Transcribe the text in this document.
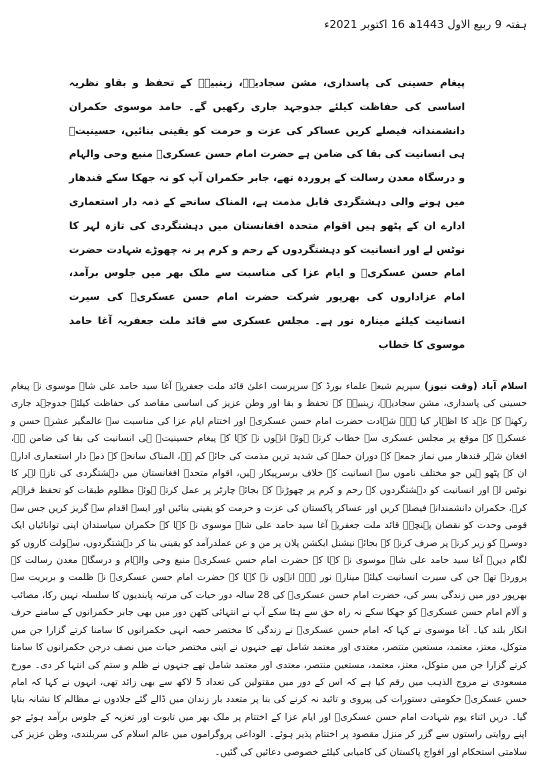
ہفتہ 9 ربیع الاول 1443ھ 16 اکتوبر 2021ء

پیغام حسینی کی پاسداری، مشن سجادیہؑ، زینبیہؑ کے تحفظ و بقاو نظریہ اساسی کی حفاظت کیلئے جدوجہد جاری رکھیں گے۔ حامد موسوی حکمران دانشمندانہ فیصلے کریں عساکر کی عزت و حرمت کو یقینی بنائیں، حسینیتؑ ہی انسانیت کی بقا کی ضامن ہے حضرت امام حسن عسکریؑ منبع وحی والہام و درسگاہ معدن رسالت کے پروردہ تھے، جابر حکمران آپ کو نہ جھکا سکے قندھار میں ہونے والی دہشتگردی قابل مذمت ہے، المناک سانحے کے ذمہ دار استعماری ادارے ان کے پٹھو ہیں اقوام متحدہ افغانستان میں دہشتگردی کی تازہ لہر کا نوٹس لے اور انسانیت کو دہشتگردوں کے رحم و کرم پر نہ چھوڑے شہادت حضرت امام حسن عسکریؑ و ایام عزا کی مناسبت سے ملک بھر میں جلوس برآمد، امام عزاداروں کی بھرپور شرکت حضرت امام حسن عسکریؑ کی سیرت انسانیت کیلئے مینارہ نور ہے۔ مجلس عسکری سے قائد ملت جعفریہ آغا حامد موسوی کا خطاب

اسلام آباد (وقت نیوز) سپریم شیعہ علماء بورڈ کے سرپرست اعلیٰ قائد ملت جعفریہ آغا سید حامد علی شاہ موسوی نے پیغام حسینی کی پاسداری، مشن سجادیہؑ، زینبیہؑ کے تحفظ و بقا اور وطن عزیز کی اساسی مقاصد کی حفاظت کیلئے جدوجہد جاری رکھنے کے عہد کا اظہار کیا ہے۔ شہادت حضرت امام حسن عسکریؑ اور اختتام ایام عزا کی مناسبت سے عالمگیر عشرہ حسن و عسکرؑ کے موقع پر مجلس عسکری سے خطاب کرتے ہوئے انہوں نے کہا کہ پیغام حسینیتؑ ہی انسانیت کی بقا کی ضامن ہے، افغان شہر قندھار میں نماز جمعہ کے دوران حملے کی شدید ترین مذمت کی جائے کم ہے، المناک سانحے کے ذمہ دار استعماری ادارے ان کے پٹھو ہیں جو مختلف ناموں سے انسانیت کے خلاف برسرپیکار ہیں، اقوام متحدہ افغانستان میں دہشتگردی کی تازہ لہر کا نوٹس لے اور انسانیت کو دہشتگردوں کے رحم و کرم پر چھوڑنے کے بجائے چارٹر پر عمل کرتے ہوئے مظلوم طبقات کو تحفظ فراہم کرے، حکمران دانشمندانہ فیصلے کریں اور عساکر پاکستان کی عزت و حرمت کو یقینی بنائیں اور ایسے اقدام سے گریز کریں جس سے قومی وحدت کو نقصان پہنچے۔ قائد ملت جعفریہ آغا سید حامد علی شاہ موسوی نے کہا کہ حکمران سیاستدان اپنی توانائیاں ایک دوسرے کو زیر کرنے پر صرف کرنے کے بجائے نیشنل ایکشن پلان پر من و عن عملدرآمد کو یقینی بنا کر دہشتگردوں، سہولت کاروں کو لگام دیں۔ آغا سید حامد علی شاہ موسوی نے کہا کہ حضرت امام حسن عسکریؑ منبع وحی والہام و درسگاہ معدن رسالت کے پروردہ تھے جن کی سیرت انسانیت کیلئے مینارہ نور ہے۔ انہوں نے کہا کہ حضرت امام حسن عسکریؑ نے ظلمت و بربریت سے بھرپور دور میں زندگی بسر کی، حضرت امام حسن عسکریؑ کی 28 سالہ دور حیات کی مرتبہ پابندیوں کا سلسلہ نہیں رکا، مصائب و آلام امام حسن عسکریؑ کو جھکا سکے نہ راہ حق سے ہٹا سکے آپ نے انتہائی کٹھن دور میں بھی جابر حکمرانوں کے سامنے حرف انکار بلند کیا۔ آغا موسوی نے کہا کہ امام حسن عسکریؑ نے زندگی کا مختصر حصہ انہی حکمرانوں کا سامنا کرتے گزارا جن میں متوکل، معتز، معتمد، مستعین منتصر، معتدی اور معتمد شامل تھے جنہوں نے اپنی مختصر حیات میں نصف درجن حکمرانوں کا سامنا کرتے گزارا جن میں متوکل، معتز، معتمد، مستعین منتصر، معتدی اور معتمد شامل تھے جنہوں نے ظلم و ستم کی انتہا کر دی۔ مورخ مسعودی نے مروج الذہب میں رقم کیا ہے کہ اس کے دور میں مقتولین کی تعداد 5 لاکھ سے بھی زائد تھی، انہوں نے کہا کہ امام حسن عسکریؑ حکومتی دستورات کی پیروی و تائید نہ کرنے کی بنا پر متعدد بار زندان میں ڈالے گئے جلادوں نے مظالم کا نشانہ بنایا گیا۔ دریں اثناء یوم شہادت امام حسن عسکریؑ اور ایام عزا کے اختتام پر ملک بھر میں تابوت اور تعزیہ کے جلوس برآمد ہوئے جو اپنے روایتی راستوں سے گزر کر منزل مقصود پر اختتام پذیر ہوئے۔ الوداعی پروگراموں میں عالم اسلام کی سربلندی، وطن عزیز کی سلامتی استحکام اور افواج پاکستان کی کامیابی کیلئے خصوصی دعائیں کی گئیں۔
